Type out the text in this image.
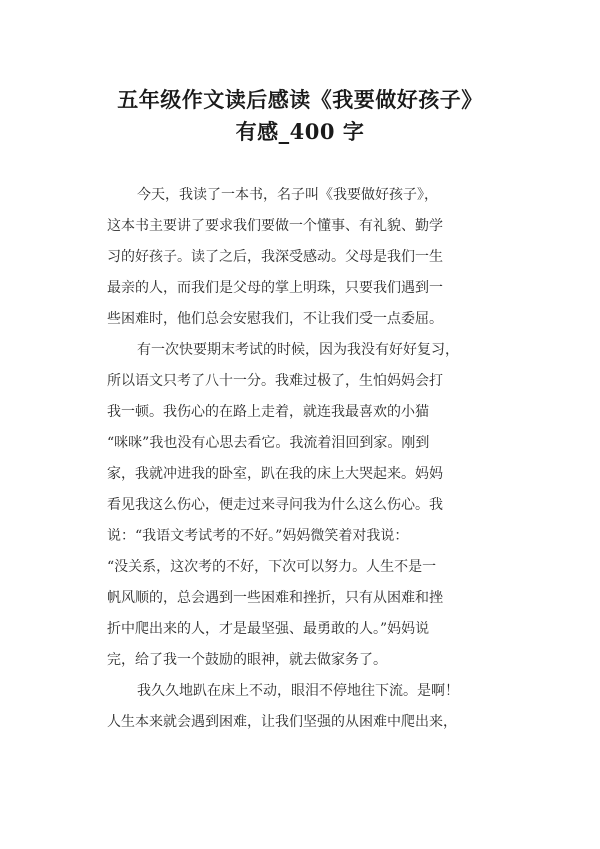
五年级作文读后感读《我要做好孩子》
有感_400 字
今天，我读了一本书，名子叫《我要做好孩子》，
这本书主要讲了要求我们要做一个懂事、有礼貌、勤学
习的好孩子。读了之后，我深受感动。父母是我们一生
最亲的人，而我们是父母的掌上明珠，只要我们遇到一
些困难时，他们总会安慰我们，不让我们受一点委屈。
有一次快要期末考试的时候，因为我没有好好复习，
所以语文只考了八十一分。我难过极了，生怕妈妈会打
我一顿。我伤心的在路上走着，就连我最喜欢的小猫
“咪咪”我也没有心思去看它。我流着泪回到家。刚到
家，我就冲进我的卧室，趴在我的床上大哭起来。妈妈
看见我这么伤心，便走过来寻问我为什么这么伤心。我
说：“我语文考试考的不好。”妈妈微笑着对我说：
“没关系，这次考的不好，下次可以努力。人生不是一
帆风顺的，总会遇到一些困难和挫折，只有从困难和挫
折中爬出来的人，才是最坚强、最勇敢的人。”妈妈说
完，给了我一个鼓励的眼神，就去做家务了。
我久久地趴在床上不动，眼泪不停地往下流。是啊！
人生本来就会遇到困难，让我们坚强的从困难中爬出来，
